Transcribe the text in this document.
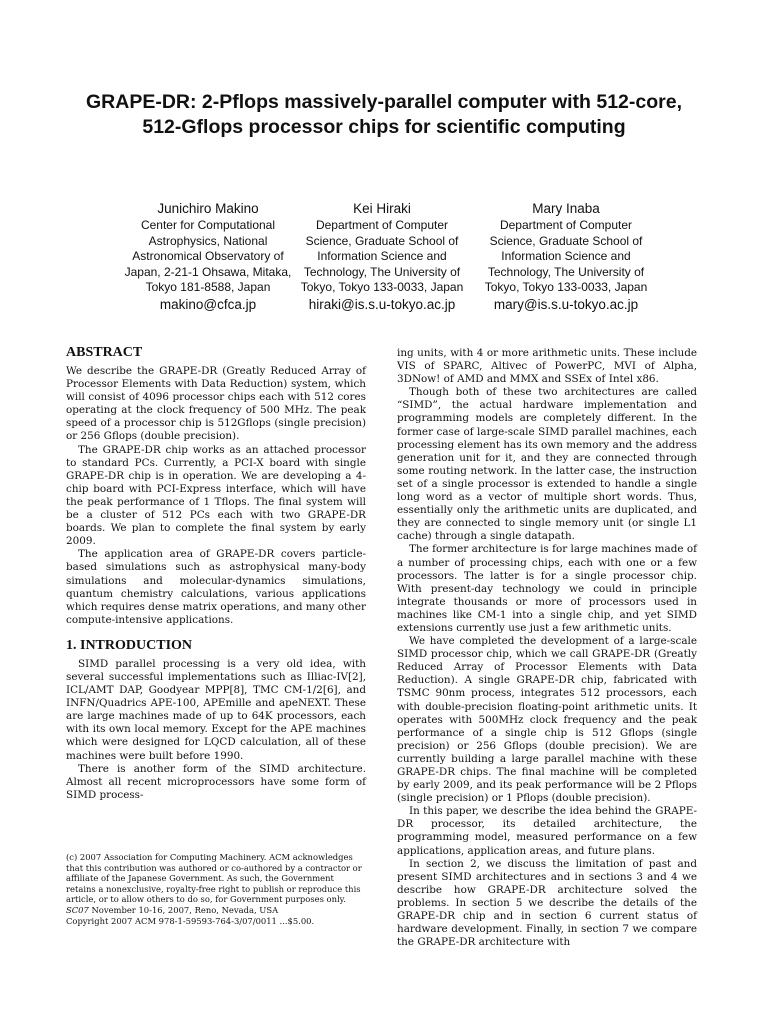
GRAPE-DR: 2-Pflops massively-parallel computer with 512-core, 512-Gflops processor chips for scientific computing
Junichiro Makino
Center for Computational Astrophysics, National Astronomical Observatory of Japan, 2-21-1 Ohsawa, Mitaka, Tokyo 181-8588, Japan
makino@cfca.jp
Kei Hiraki
Department of Computer Science, Graduate School of Information Science and Technology, The University of Tokyo, Tokyo 133-0033, Japan
hiraki@is.s.u-tokyo.ac.jp
Mary Inaba
Department of Computer Science, Graduate School of Information Science and Technology, The University of Tokyo, Tokyo 133-0033, Japan
mary@is.s.u-tokyo.ac.jp
ABSTRACT

We describe the GRAPE-DR (Greatly Reduced Array of Processor Elements with Data Reduction) system, which will consist of 4096 processor chips each with 512 cores operating at the clock frequency of 500 MHz. The peak speed of a processor chip is 512Gflops (single precision) or 256 Gflops (double precision).

The GRAPE-DR chip works as an attached processor to standard PCs. Currently, a PCI-X board with single GRAPE-DR chip is in operation. We are developing a 4-chip board with PCI-Express interface, which will have the peak performance of 1 Tflops. The final system will be a cluster of 512 PCs each with two GRAPE-DR boards. We plan to complete the final system by early 2009.

The application area of GRAPE-DR covers particle-based simulations such as astrophysical many-body simulations and molecular-dynamics simulations, quantum chemistry calculations, various applications which requires dense matrix operations, and many other compute-intensive applications.

1. INTRODUCTION

SIMD parallel processing is a very old idea, with several successful implementations such as Illiac-IV[2], ICL/AMT DAP, Goodyear MPP[8], TMC CM-1/2[6], and INFN/Quadrics APE-100, APEmille and apeNEXT. These are large machines made of up to 64K processors, each with its own local memory. Except for the APE machines which were designed for LQCD calculation, all of these machines were built before 1990.

There is another form of the SIMD architecture. Almost all recent microprocessors have some form of SIMD process-

(c) 2007 Association for Computing Machinery. ACM acknowledges that this contribution was authored or co-authored by a contractor or affiliate of the Japanese Government. As such, the Government retains a nonexclusive, royalty-free right to publish or reproduce this article, or to allow others to do so, for Government purposes only.

SC07 November 10-16, 2007, Reno, Nevada, USA

Copyright 2007 ACM 978-1-59593-764-3/07/0011 ...$5.00.

ing units, with 4 or more arithmetic units. These include VIS of SPARC, Altivec of PowerPC, MVI of Alpha, 3DNow! of AMD and MMX and SSEx of Intel x86.

Though both of these two architectures are called “SIMD”, the actual hardware implementation and programming models are completely different. In the former case of large-scale SIMD parallel machines, each processing element has its own memory and the address generation unit for it, and they are connected through some routing network. In the latter case, the instruction set of a single processor is extended to handle a single long word as a vector of multiple short words. Thus, essentially only the arithmetic units are duplicated, and they are connected to single memory unit (or single L1 cache) through a single datapath.

The former architecture is for large machines made of a number of processing chips, each with one or a few processors. The latter is for a single processor chip. With present-day technology we could in principle integrate thousands or more of processors used in machines like CM-1 into a single chip, and yet SIMD extensions currently use just a few arithmetic units.

We have completed the development of a large-scale SIMD processor chip, which we call GRAPE-DR (Greatly Reduced Array of Processor Elements with Data Reduction). A single GRAPE-DR chip, fabricated with TSMC 90nm process, integrates 512 processors, each with double-precision floating-point arithmetic units. It operates with 500MHz clock frequency and the peak performance of a single chip is 512 Gflops (single precision) or 256 Gflops (double precision). We are currently building a large parallel machine with these GRAPE-DR chips. The final machine will be completed by early 2009, and its peak performance will be 2 Pflops (single precision) or 1 Pflops (double precision).

In this paper, we describe the idea behind the GRAPE-DR processor, its detailed architecture, the programming model, measured performance on a few applications, application areas, and future plans.

In section 2, we discuss the limitation of past and present SIMD architectures and in sections 3 and 4 we describe how GRAPE-DR architecture solved the problems. In section 5 we describe the details of the GRAPE-DR chip and in section 6 current status of hardware development. Finally, in section 7 we compare the GRAPE-DR architecture with
